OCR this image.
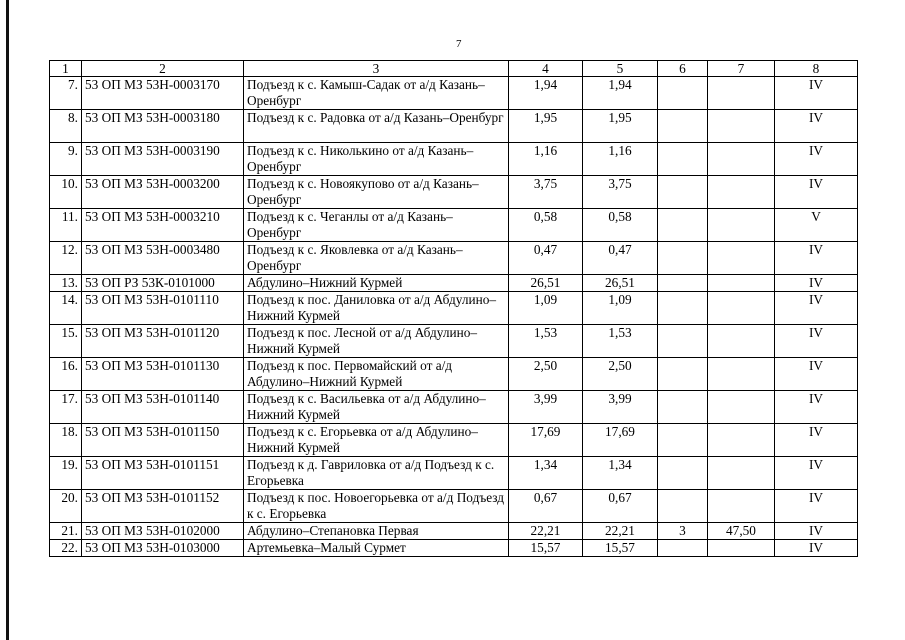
7
1	2	3	4	5	6	7	8
7.	53 ОП МЗ 53Н-0003170	Подъезд к с. Камыш-Садак от а/д Казань–Оренбург	1,94	1,94			IV
8.	53 ОП МЗ 53Н-0003180	Подъезд к с. Радовка от а/д Казань–Оренбург	1,95	1,95			IV
9.	53 ОП МЗ 53Н-0003190	Подъезд к с. Николькино от а/д Казань–Оренбург	1,16	1,16			IV
10.	53 ОП МЗ 53Н-0003200	Подъезд к с. Новоякупово от а/д Казань–Оренбург	3,75	3,75			IV
11.	53 ОП МЗ 53Н-0003210	Подъезд к с. Чеганлы от а/д Казань–Оренбург	0,58	0,58			V
12.	53 ОП МЗ 53Н-0003480	Подъезд к с. Яковлевка от а/д Казань–Оренбург	0,47	0,47			IV
13.	53 ОП РЗ 53К-0101000	Абдулино–Нижний Курмей	26,51	26,51			IV
14.	53 ОП МЗ 53Н-0101110	Подъезд к пос. Даниловка от а/д Абдулино–Нижний Курмей	1,09	1,09			IV
15.	53 ОП МЗ 53Н-0101120	Подъезд к пос. Лесной от а/д Абдулино–Нижний Курмей	1,53	1,53			IV
16.	53 ОП МЗ 53Н-0101130	Подъезд к пос. Первомайский от а/д Абдулино–Нижний Курмей	2,50	2,50			IV
17.	53 ОП МЗ 53Н-0101140	Подъезд к с. Васильевка от а/д Абдулино–Нижний Курмей	3,99	3,99			IV
18.	53 ОП МЗ 53Н-0101150	Подъезд к с. Егорьевка от а/д Абдулино–Нижний Курмей	17,69	17,69			IV
19.	53 ОП МЗ 53Н-0101151	Подъезд к д. Гавриловка от а/д Подъезд к с. Егорьевка	1,34	1,34			IV
20.	53 ОП МЗ 53Н-0101152	Подъезд к пос. Новоегорьевка от а/д Подъезд к с. Егорьевка	0,67	0,67			IV
21.	53 ОП МЗ 53Н-0102000	Абдулино–Степановка Первая	22,21	22,21	3	47,50	IV
22.	53 ОП МЗ 53Н-0103000	Артемьевка–Малый Сурмет	15,57	15,57			IV
